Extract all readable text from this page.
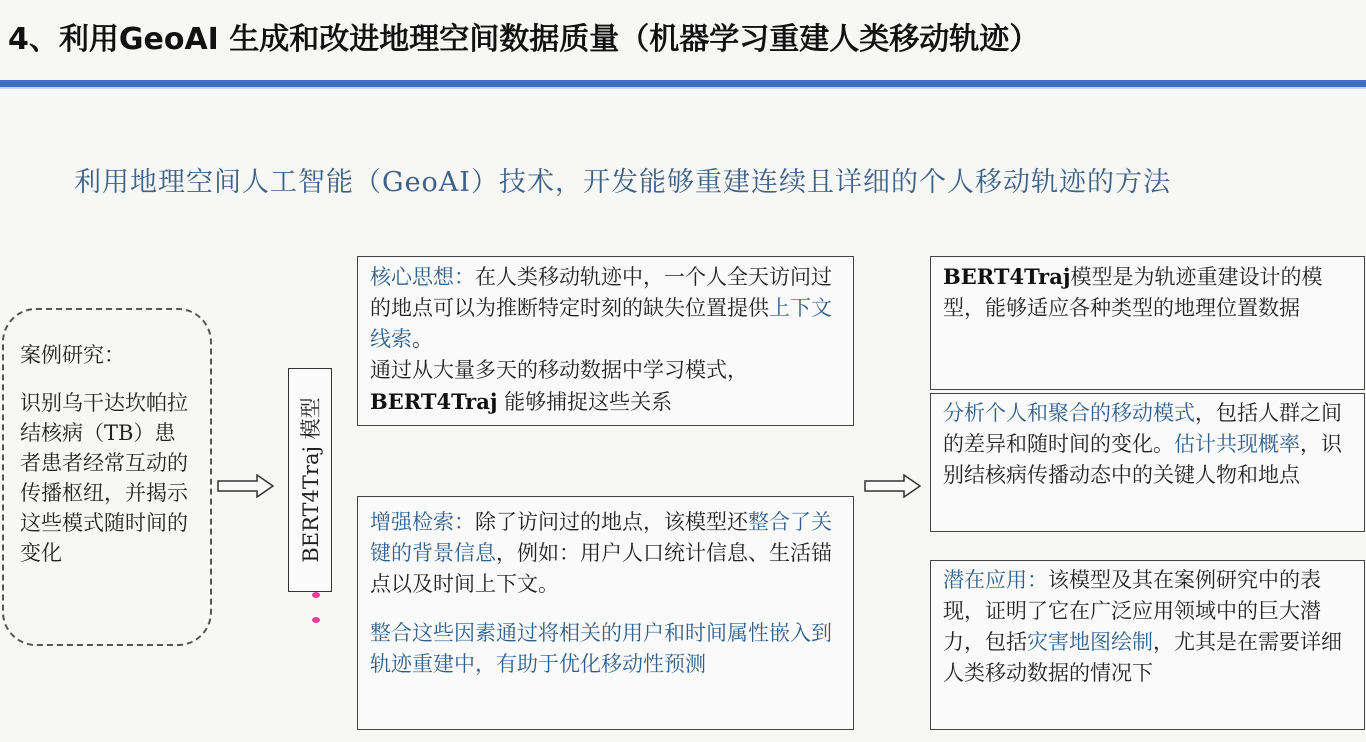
4、利用GeoAI 生成和改进地理空间数据质量（机器学习重建人类移动轨迹）
利用地理空间人工智能（GeoAI）技术，开发能够重建连续且详细的个人移动轨迹的方法
案例研究：
识别乌干达坎帕拉结核病（TB）患者患者经常互动的传播枢纽，并揭示这些模式随时间的变化	BERT4Traj 模型
核心思想：在人类移动轨迹中，一个人全天访问过的地点可以为推断特定时刻的缺失位置提供上下文线索。
通过从大量多天的移动数据中学习模式，
BERT4Traj 能够捕捉这些关系
增强检索：除了访问过的地点，该模型还整合了关键的背景信息，例如：用户人口统计信息、生活锚点以及时间上下文。
整合这些因素通过将相关的用户和时间属性嵌入到轨迹重建中，有助于优化移动性预测
BERT4Traj模型是为轨迹重建设计的模型，能够适应各种类型的地理位置数据
分析个人和聚合的移动模式，包括人群之间的差异和随时间的变化。估计共现概率，识别结核病传播动态中的关键人物和地点
潜在应用：该模型及其在案例研究中的表现，证明了它在广泛应用领域中的巨大潜力，包括灾害地图绘制，尤其是在需要详细人类移动数据的情况下
